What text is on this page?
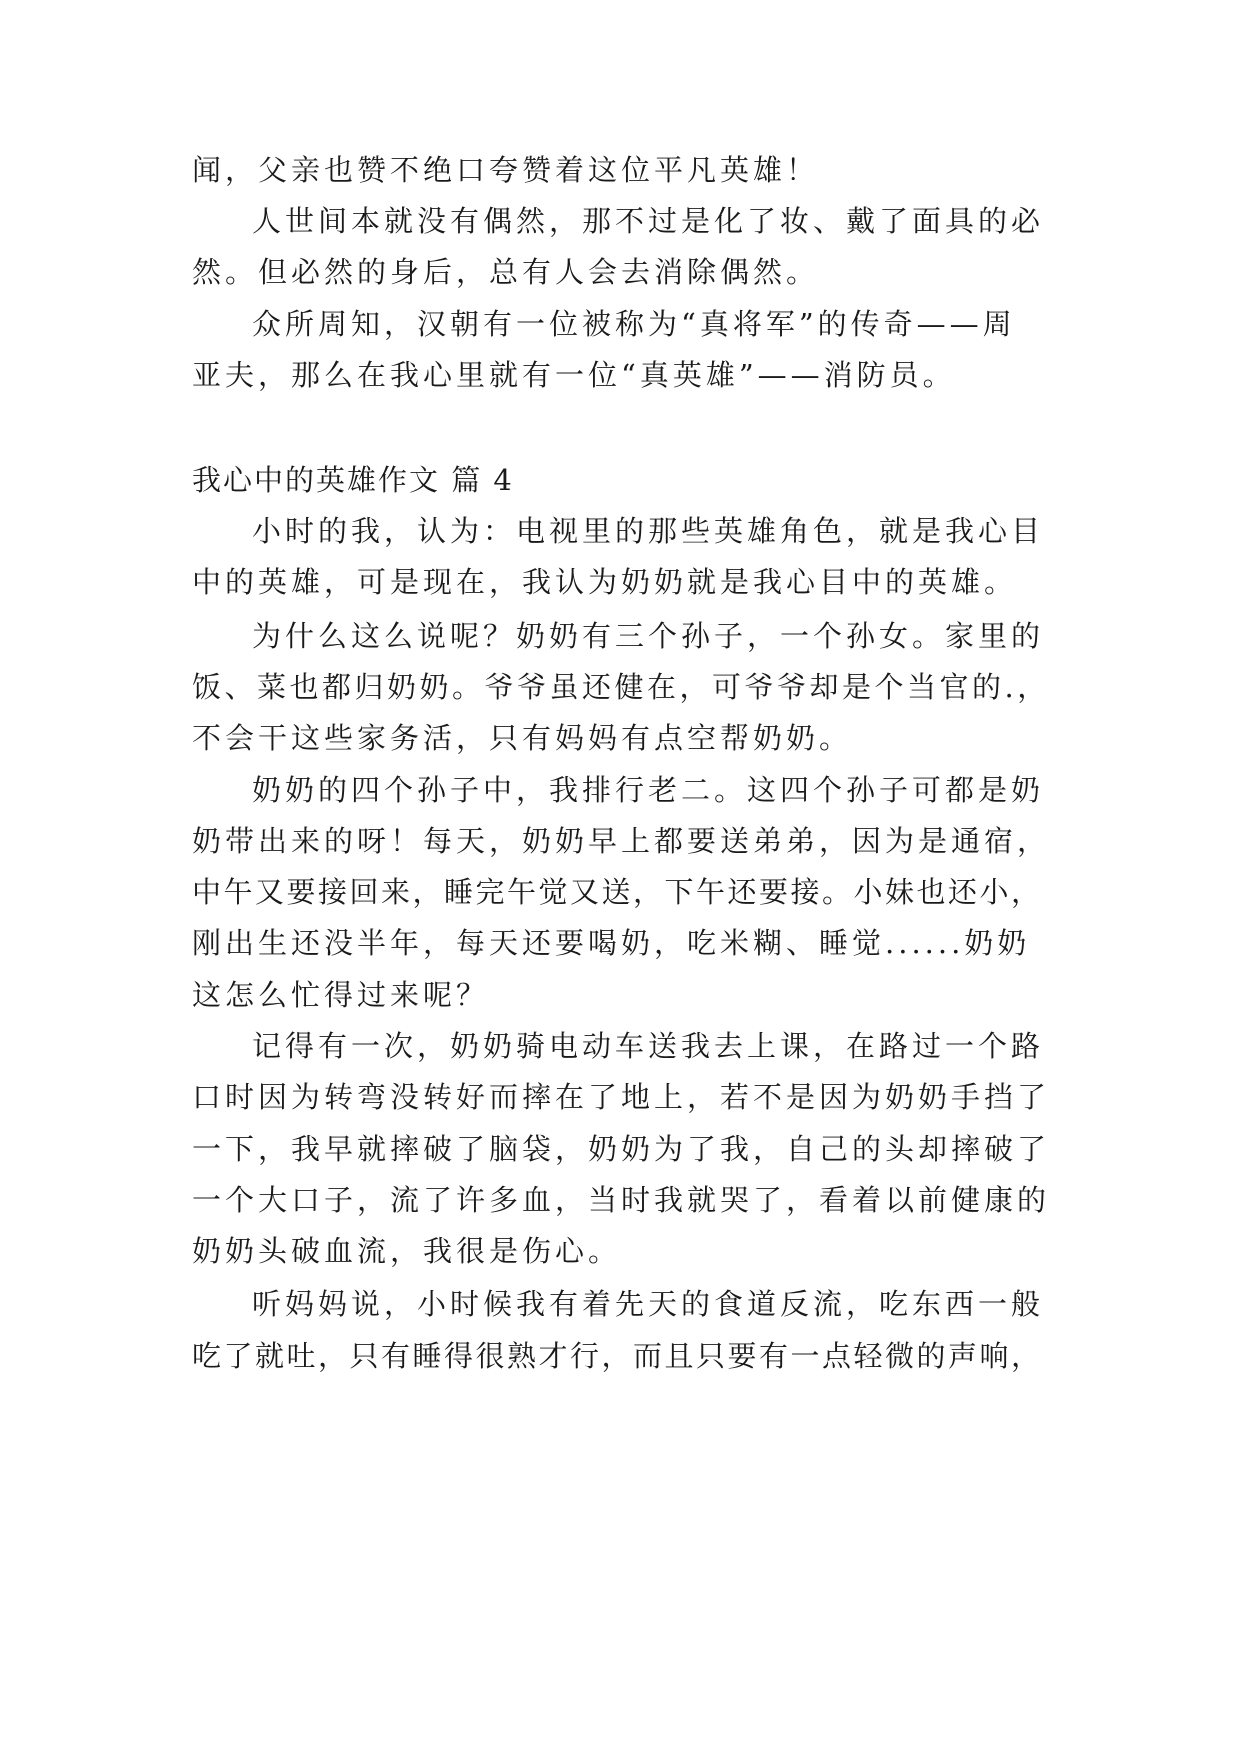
闻，父亲也赞不绝口夸赞着这位平凡英雄！
人世间本就没有偶然，那不过是化了妆、戴了面具的必
然。但必然的身后，总有人会去消除偶然。
众所周知，汉朝有一位被称为“真将军”的传奇——周
亚夫，那么在我心里就有一位“真英雄”——消防员。
我心中的英雄作文 篇 4
小时的我，认为：电视里的那些英雄角色，就是我心目
中的英雄，可是现在，我认为奶奶就是我心目中的英雄。
为什么这么说呢？奶奶有三个孙子，一个孙女。家里的
饭、菜也都归奶奶。爷爷虽还健在，可爷爷却是个当官的.，
不会干这些家务活，只有妈妈有点空帮奶奶。
奶奶的四个孙子中，我排行老二。这四个孙子可都是奶
奶带出来的呀！每天，奶奶早上都要送弟弟，因为是通宿，
中午又要接回来，睡完午觉又送，下午还要接。小妹也还小，
刚出生还没半年，每天还要喝奶，吃米糊、睡觉......奶奶
这怎么忙得过来呢？
记得有一次，奶奶骑电动车送我去上课，在路过一个路
口时因为转弯没转好而摔在了地上，若不是因为奶奶手挡了
一下，我早就摔破了脑袋，奶奶为了我，自己的头却摔破了
一个大口子，流了许多血，当时我就哭了，看着以前健康的
奶奶头破血流，我很是伤心。
听妈妈说，小时候我有着先天的食道反流，吃东西一般
吃了就吐，只有睡得很熟才行，而且只要有一点轻微的声响，
